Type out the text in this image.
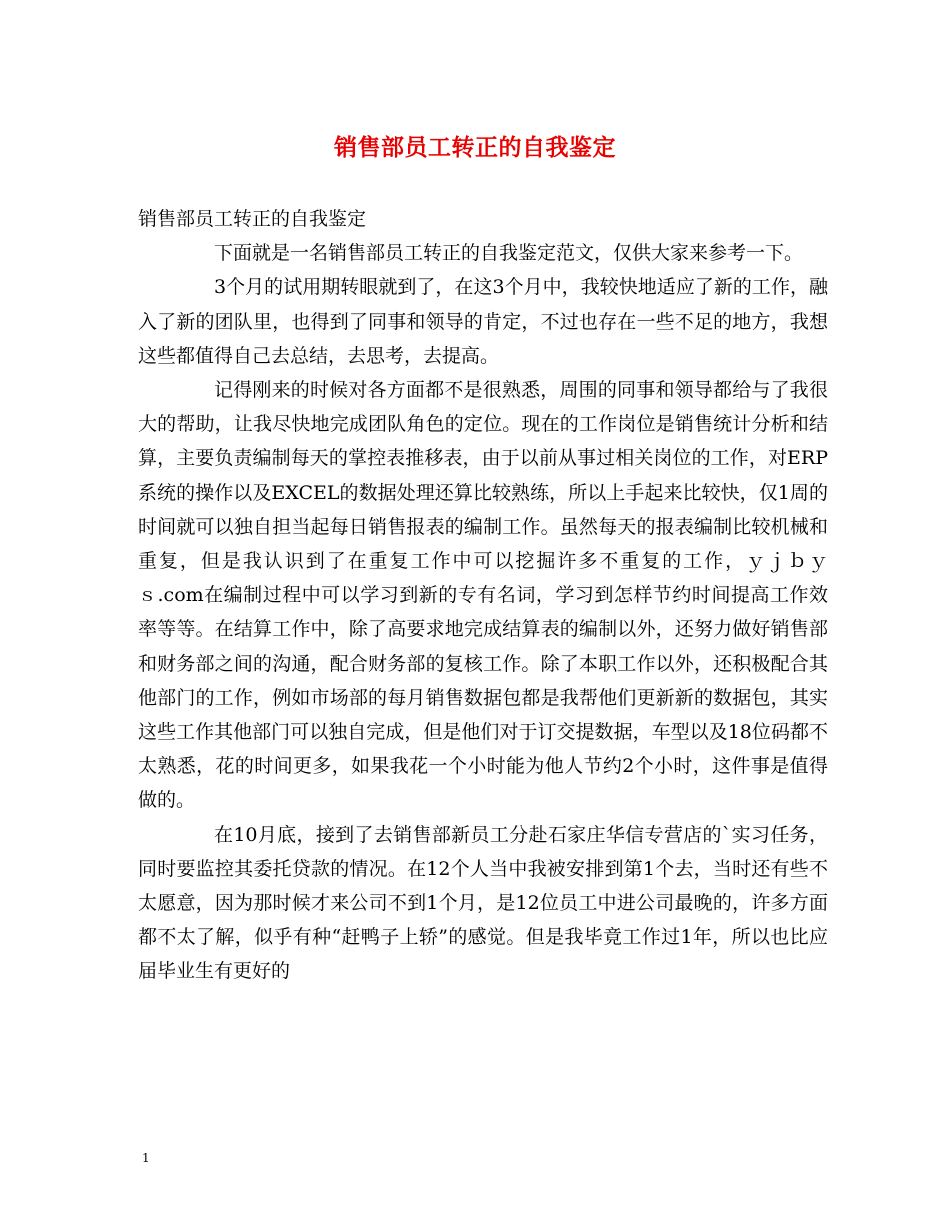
销售部员工转正的自我鉴定

销售部员工转正的自我鉴定

下面就是一名销售部员工转正的自我鉴定范文，仅供大家来参考一下。

3个月的试用期转眼就到了，在这3个月中，我较快地适应了新的工作，融入了新的团队里，也得到了同事和领导的肯定，不过也存在一些不足的地方，我想这些都值得自己去总结，去思考，去提高。

记得刚来的时候对各方面都不是很熟悉，周围的同事和领导都给与了我很大的帮助，让我尽快地完成团队角色的定位。现在的工作岗位是销售统计分析和结算，主要负责编制每天的掌控表推移表，由于以前从事过相关岗位的工作，对ERP系统的操作以及EXCEL的数据处理还算比较熟练，所以上手起来比较快，仅1周的时间就可以独自担当起每日销售报表的编制工作。虽然每天的报表编制比较机械和重复，但是我认识到了在重复工作中可以挖掘许多不重复的工作，ｙｊｂｙｓ.com在编制过程中可以学习到新的专有名词，学习到怎样节约时间提高工作效率等等。在结算工作中，除了高要求地完成结算表的编制以外，还努力做好销售部和财务部之间的沟通，配合财务部的复核工作。除了本职工作以外，还积极配合其他部门的工作，例如市场部的每月销售数据包都是我帮他们更新新的数据包，其实这些工作其他部门可以独自完成，但是他们对于订交提数据，车型以及18位码都不太熟悉，花的时间更多，如果我花一个小时能为他人节约2个小时，这件事是值得做的。

在10月底，接到了去销售部新员工分赴石家庄华信专营店的`实习任务，同时要监控其委托贷款的情况。在12个人当中我被安排到第1个去，当时还有些不太愿意，因为那时候才来公司不到1个月，是12位员工中进公司最晚的，许多方面都不太了解，似乎有种“赶鸭子上轿”的感觉。但是我毕竟工作过1年，所以也比应届毕业生有更好的

1
